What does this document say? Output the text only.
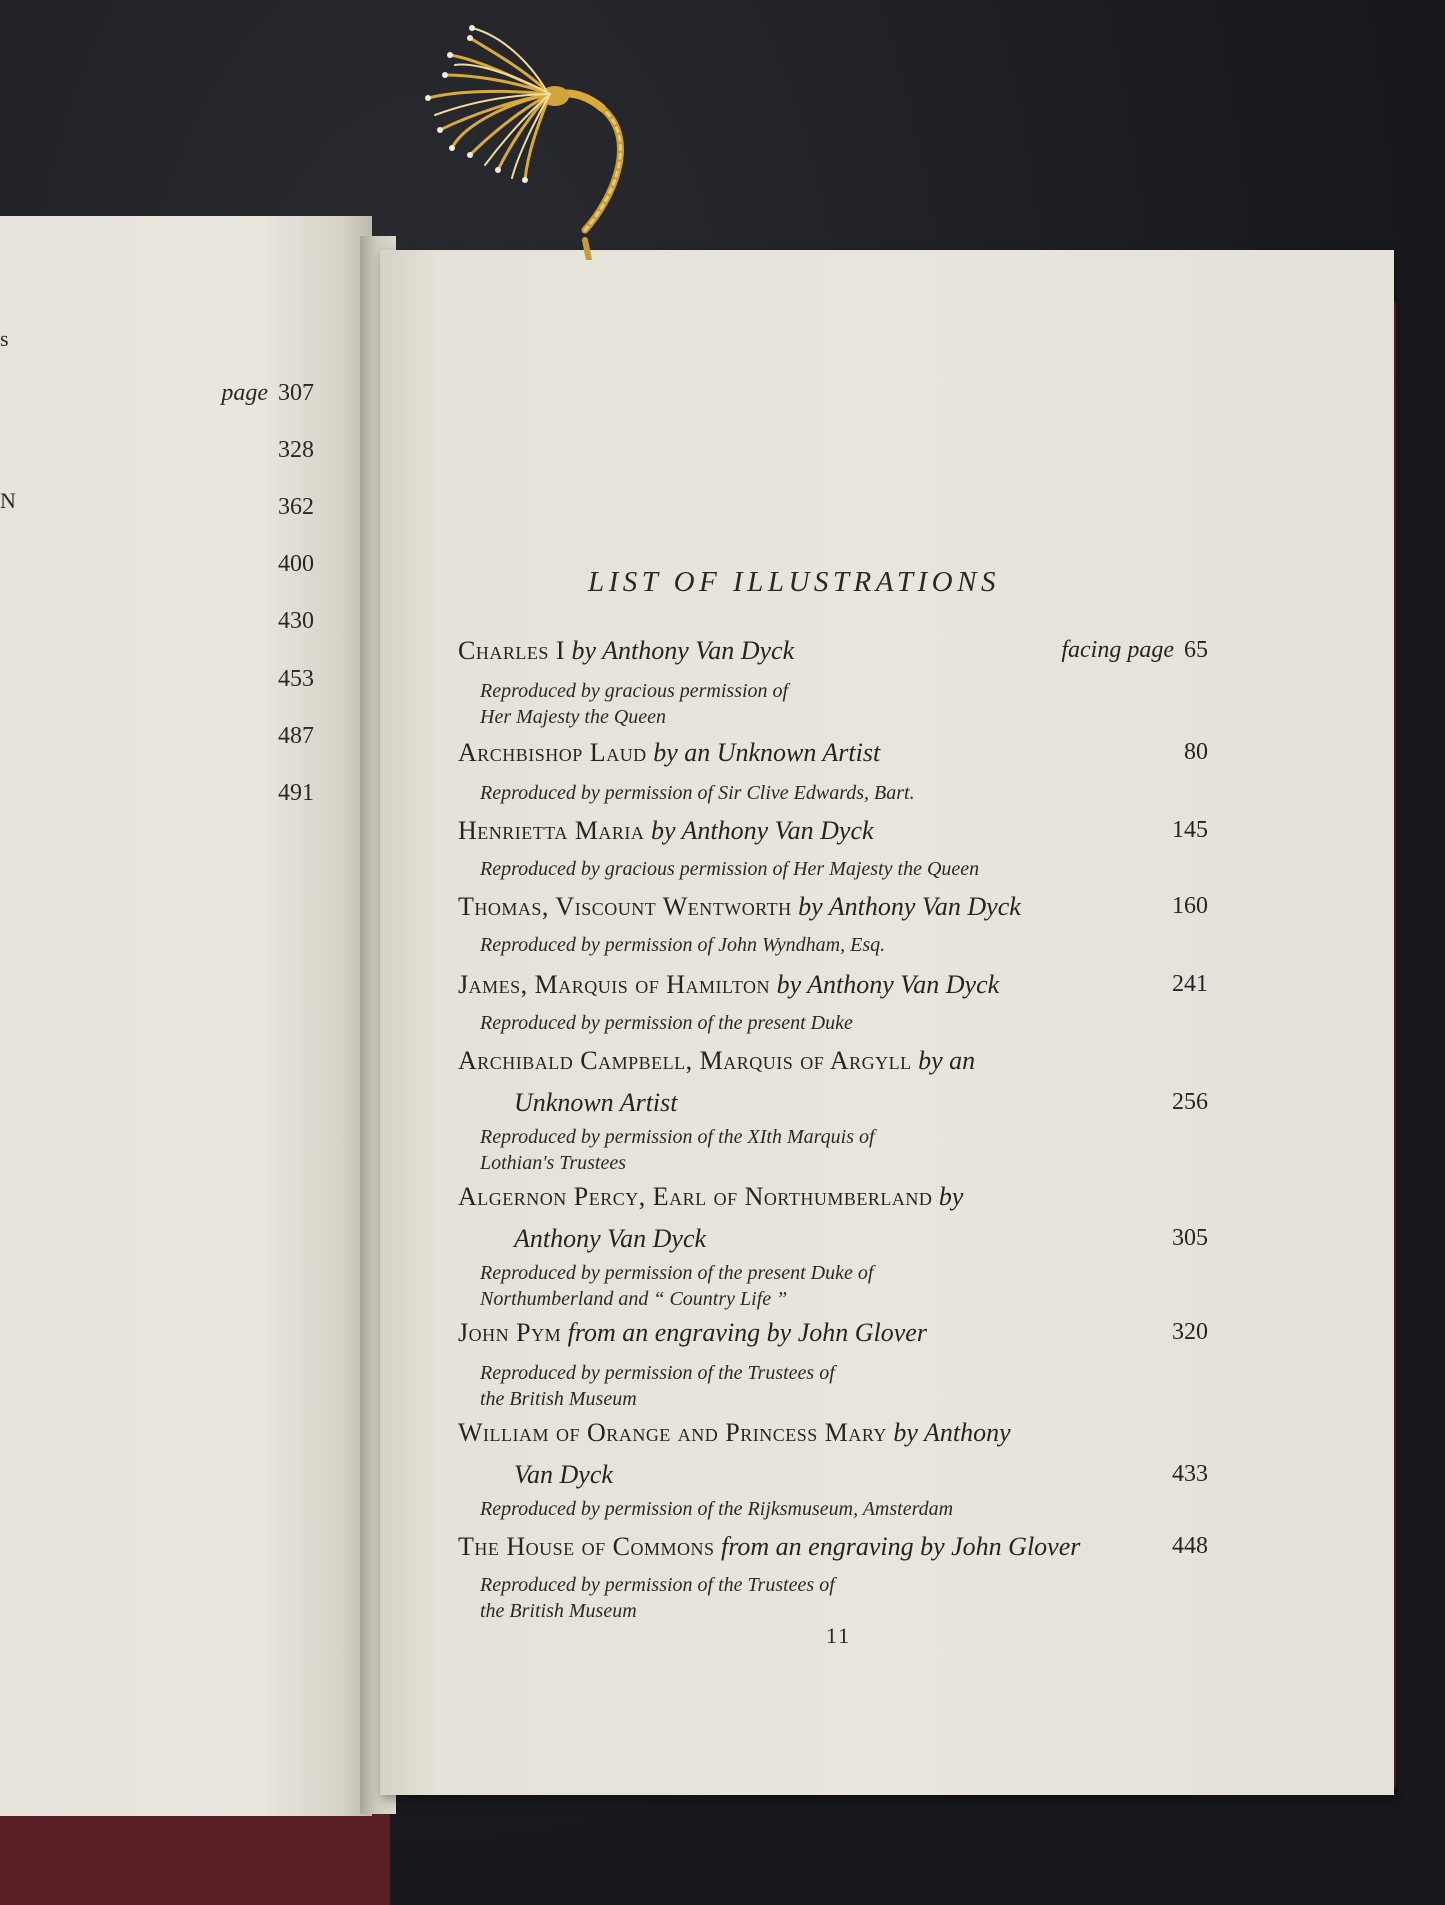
s
N
page 307
328
362
400
430
453
487
491
LIST OF ILLUSTRATIONS
Charles I by Anthony Van Dyck	facing page 65
Reproduced by gracious permission of
Her Majesty the Queen
Archbishop Laud by an Unknown Artist	80
Reproduced by permission of Sir Clive Edwards, Bart.
Henrietta Maria by Anthony Van Dyck	145
Reproduced by gracious permission of Her Majesty the Queen
Thomas, Viscount Wentworth by Anthony Van Dyck	160
Reproduced by permission of John Wyndham, Esq.
James, Marquis of Hamilton by Anthony Van Dyck	241
Reproduced by permission of the present Duke
Archibald Campbell, Marquis of Argyll by an
Unknown Artist	256
Reproduced by permission of the XIth Marquis of
Lothian's Trustees
Algernon Percy, Earl of Northumberland by
Anthony Van Dyck	305
Reproduced by permission of the present Duke of
Northumberland and “ Country Life ”
John Pym from an engraving by John Glover	320
Reproduced by permission of the Trustees of
the British Museum
William of Orange and Princess Mary by Anthony
Van Dyck	433
Reproduced by permission of the Rijksmuseum, Amsterdam
The House of Commons from an engraving by John Glover	448
Reproduced by permission of the Trustees of
the British Museum
11
